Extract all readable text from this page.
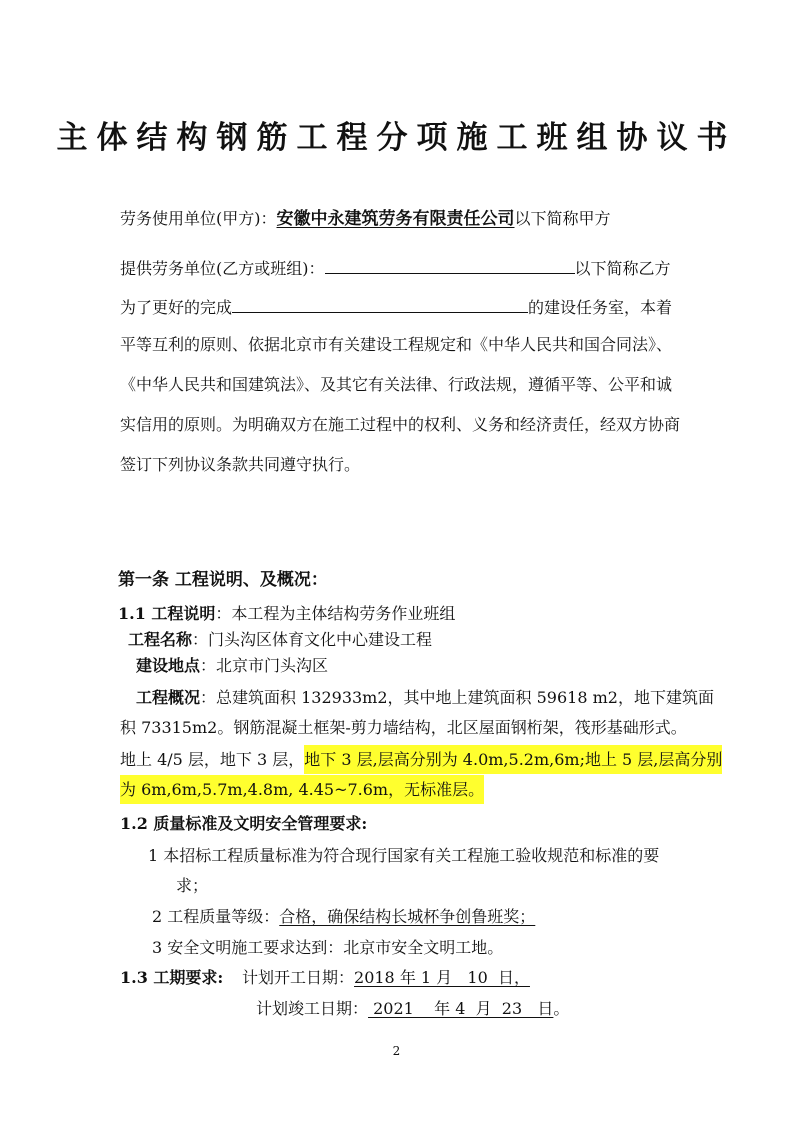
主体结构钢筋工程分项施工班组协议书
劳务使用单位(甲方)：安徽中永建筑劳务有限责任公司以下简称甲方
提供劳务单位(乙方或班组)：	以下简称乙方
为了更好的完成	的建设任务室，本着
平等互利的原则、依据北京市有关建设工程规定和《中华人民共和国合同法》、
《中华人民共和国建筑法》、及其它有关法律、行政法规，遵循平等、公平和诚
实信用的原则。为明确双方在施工过程中的权利、义务和经济责任，经双方协商
签订下列协议条款共同遵守执行。
第一条 工程说明、及概况：
1.1 工程说明：本工程为主体结构劳务作业班组
工程名称：门头沟区体育文化中心建设工程
建设地点：北京市门头沟区
工程概况：总建筑面积 132933m2，其中地上建筑面积 59618 m2，地下建筑面
积 73315m2。钢筋混凝土框架-剪力墙结构，北区屋面钢桁架，筏形基础形式。
地上 4/5 层，地下 3 层，地下 3 层,层高分别为 4.0m,5.2m,6m;地上 5 层,层高分别
为 6m,6m,5.7m,4.8m, 4.45~7.6m，无标准层。
1.2 质量标准及文明安全管理要求:
1 本招标工程质量标准为符合现行国家有关工程施工验收规范和标准的要
求；
2 工程质量等级：合格，确保结构长城杯争创鲁班奖；
3 安全文明施工要求达到：北京市安全文明工地。
1.3 工期要求: 计划开工日期：2018 年 1 月   10  日，
计划竣工日期： 2021    年 4  月  23   日。
2
